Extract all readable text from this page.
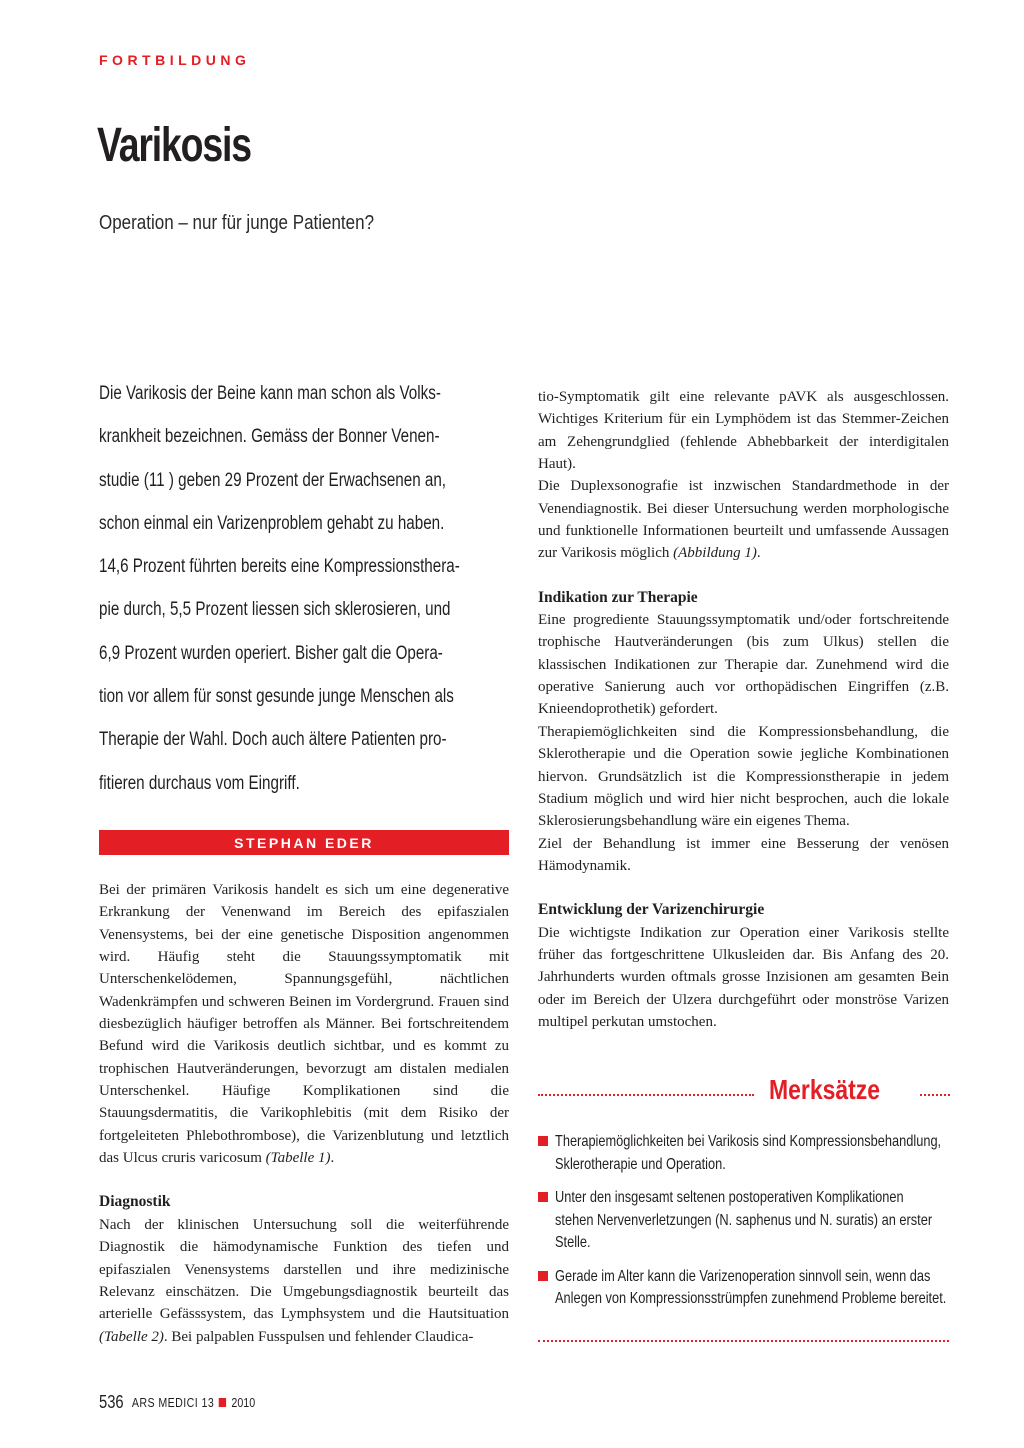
FORTBILDUNG
Varikosis
Operation – nur für junge Patienten?
Die Varikosis der Beine kann man schon als Volks-
krankheit bezeichnen. Gemäss der Bonner Venen-
studie (11 ) geben 29 Prozent der Erwachsenen an,
schon einmal ein Varizenproblem gehabt zu haben.
14,6 Prozent führten bereits eine Kompressionsthera-
pie durch, 5,5 Prozent liessen sich sklerosieren, und
6,9 Prozent wurden operiert. Bisher galt die Opera-
tion vor allem für sonst gesunde junge Menschen als
Therapie der Wahl. Doch auch ältere Patienten pro-
fitieren durchaus vom Eingriff.
STEPHAN EDER

Bei der primären Varikosis handelt es sich um eine degenerative Erkrankung der Venenwand im Bereich des epifaszialen Venensystems, bei der eine genetische Disposition angenommen wird. Häufig steht die Stauungssymptomatik mit Unterschenkelödemen, Spannungsgefühl, nächtlichen Wadenkrämpfen und schweren Beinen im Vordergrund. Frauen sind diesbezüglich häufiger betroffen als Männer. Bei fortschreitendem Befund wird die Varikosis deutlich sichtbar, und es kommt zu trophischen Hautveränderungen, bevorzugt am distalen medialen Unterschenkel. Häufige Komplikationen sind die Stauungsdermatitis, die Varikophlebitis (mit dem Risiko der fortgeleiteten Phlebothrombose), die Varizenblutung und letztlich das Ulcus cruris varicosum (Tabelle 1).

Diagnostik

Nach der klinischen Untersuchung soll die weiterführende Diagnostik die hämodynamische Funktion des tiefen und epifaszialen Venensystems darstellen und ihre medizinische Relevanz einschätzen. Die Umgebungsdiagnostik beurteilt das arterielle Gefässsystem, das Lymphsystem und die Hautsituation (Tabelle 2). Bei palpablen Fusspulsen und fehlender Claudica-

tio-Symptomatik gilt eine relevante pAVK als ausgeschlossen. Wichtiges Kriterium für ein Lymphödem ist das Stemmer-Zeichen am Zehengrundglied (fehlende Abhebbarkeit der interdigitalen Haut).

Die Duplexsonografie ist inzwischen Standardmethode in der Venendiagnostik. Bei dieser Untersuchung werden morphologische und funktionelle Informationen beurteilt und umfassende Aussagen zur Varikosis möglich (Abbildung 1).

Indikation zur Therapie

Eine progrediente Stauungssymptomatik und/oder fortschreitende trophische Hautveränderungen (bis zum Ulkus) stellen die klassischen Indikationen zur Therapie dar. Zunehmend wird die operative Sanierung auch vor orthopädischen Eingriffen (z.B. Knieendoprothetik) gefordert.

Therapiemöglichkeiten sind die Kompressionsbehandlung, die Sklerotherapie und die Operation sowie jegliche Kombinationen hiervon. Grundsätzlich ist die Kompressionstherapie in jedem Stadium möglich und wird hier nicht besprochen, auch die lokale Sklerosierungsbehandlung wäre ein eigenes Thema.

Ziel der Behandlung ist immer eine Besserung der venösen Hämodynamik.

Entwicklung der Varizenchirurgie

Die wichtigste Indikation zur Operation einer Varikosis stellte früher das fortgeschrittene Ulkusleiden dar. Bis Anfang des 20. Jahrhunderts wurden oftmals grosse Inzisionen am gesamten Bein oder im Bereich der Ulzera durchgeführt oder monströse Varizen multipel perkutan umstochen.

Merksätze
Therapiemöglichkeiten bei Varikosis sind Kompressionsbehandlung,
Sklerotherapie und Operation.
Unter den insgesamt seltenen postoperativen Komplikationen
stehen Nervenverletzungen (N. saphenus und N. suratis) an erster
Stelle.
Gerade im Alter kann die Varizenoperation sinnvoll sein, wenn das
Anlegen von Kompressionsstrümpfen zunehmend Probleme bereitet.
536 ARS MEDICI 13 2010
